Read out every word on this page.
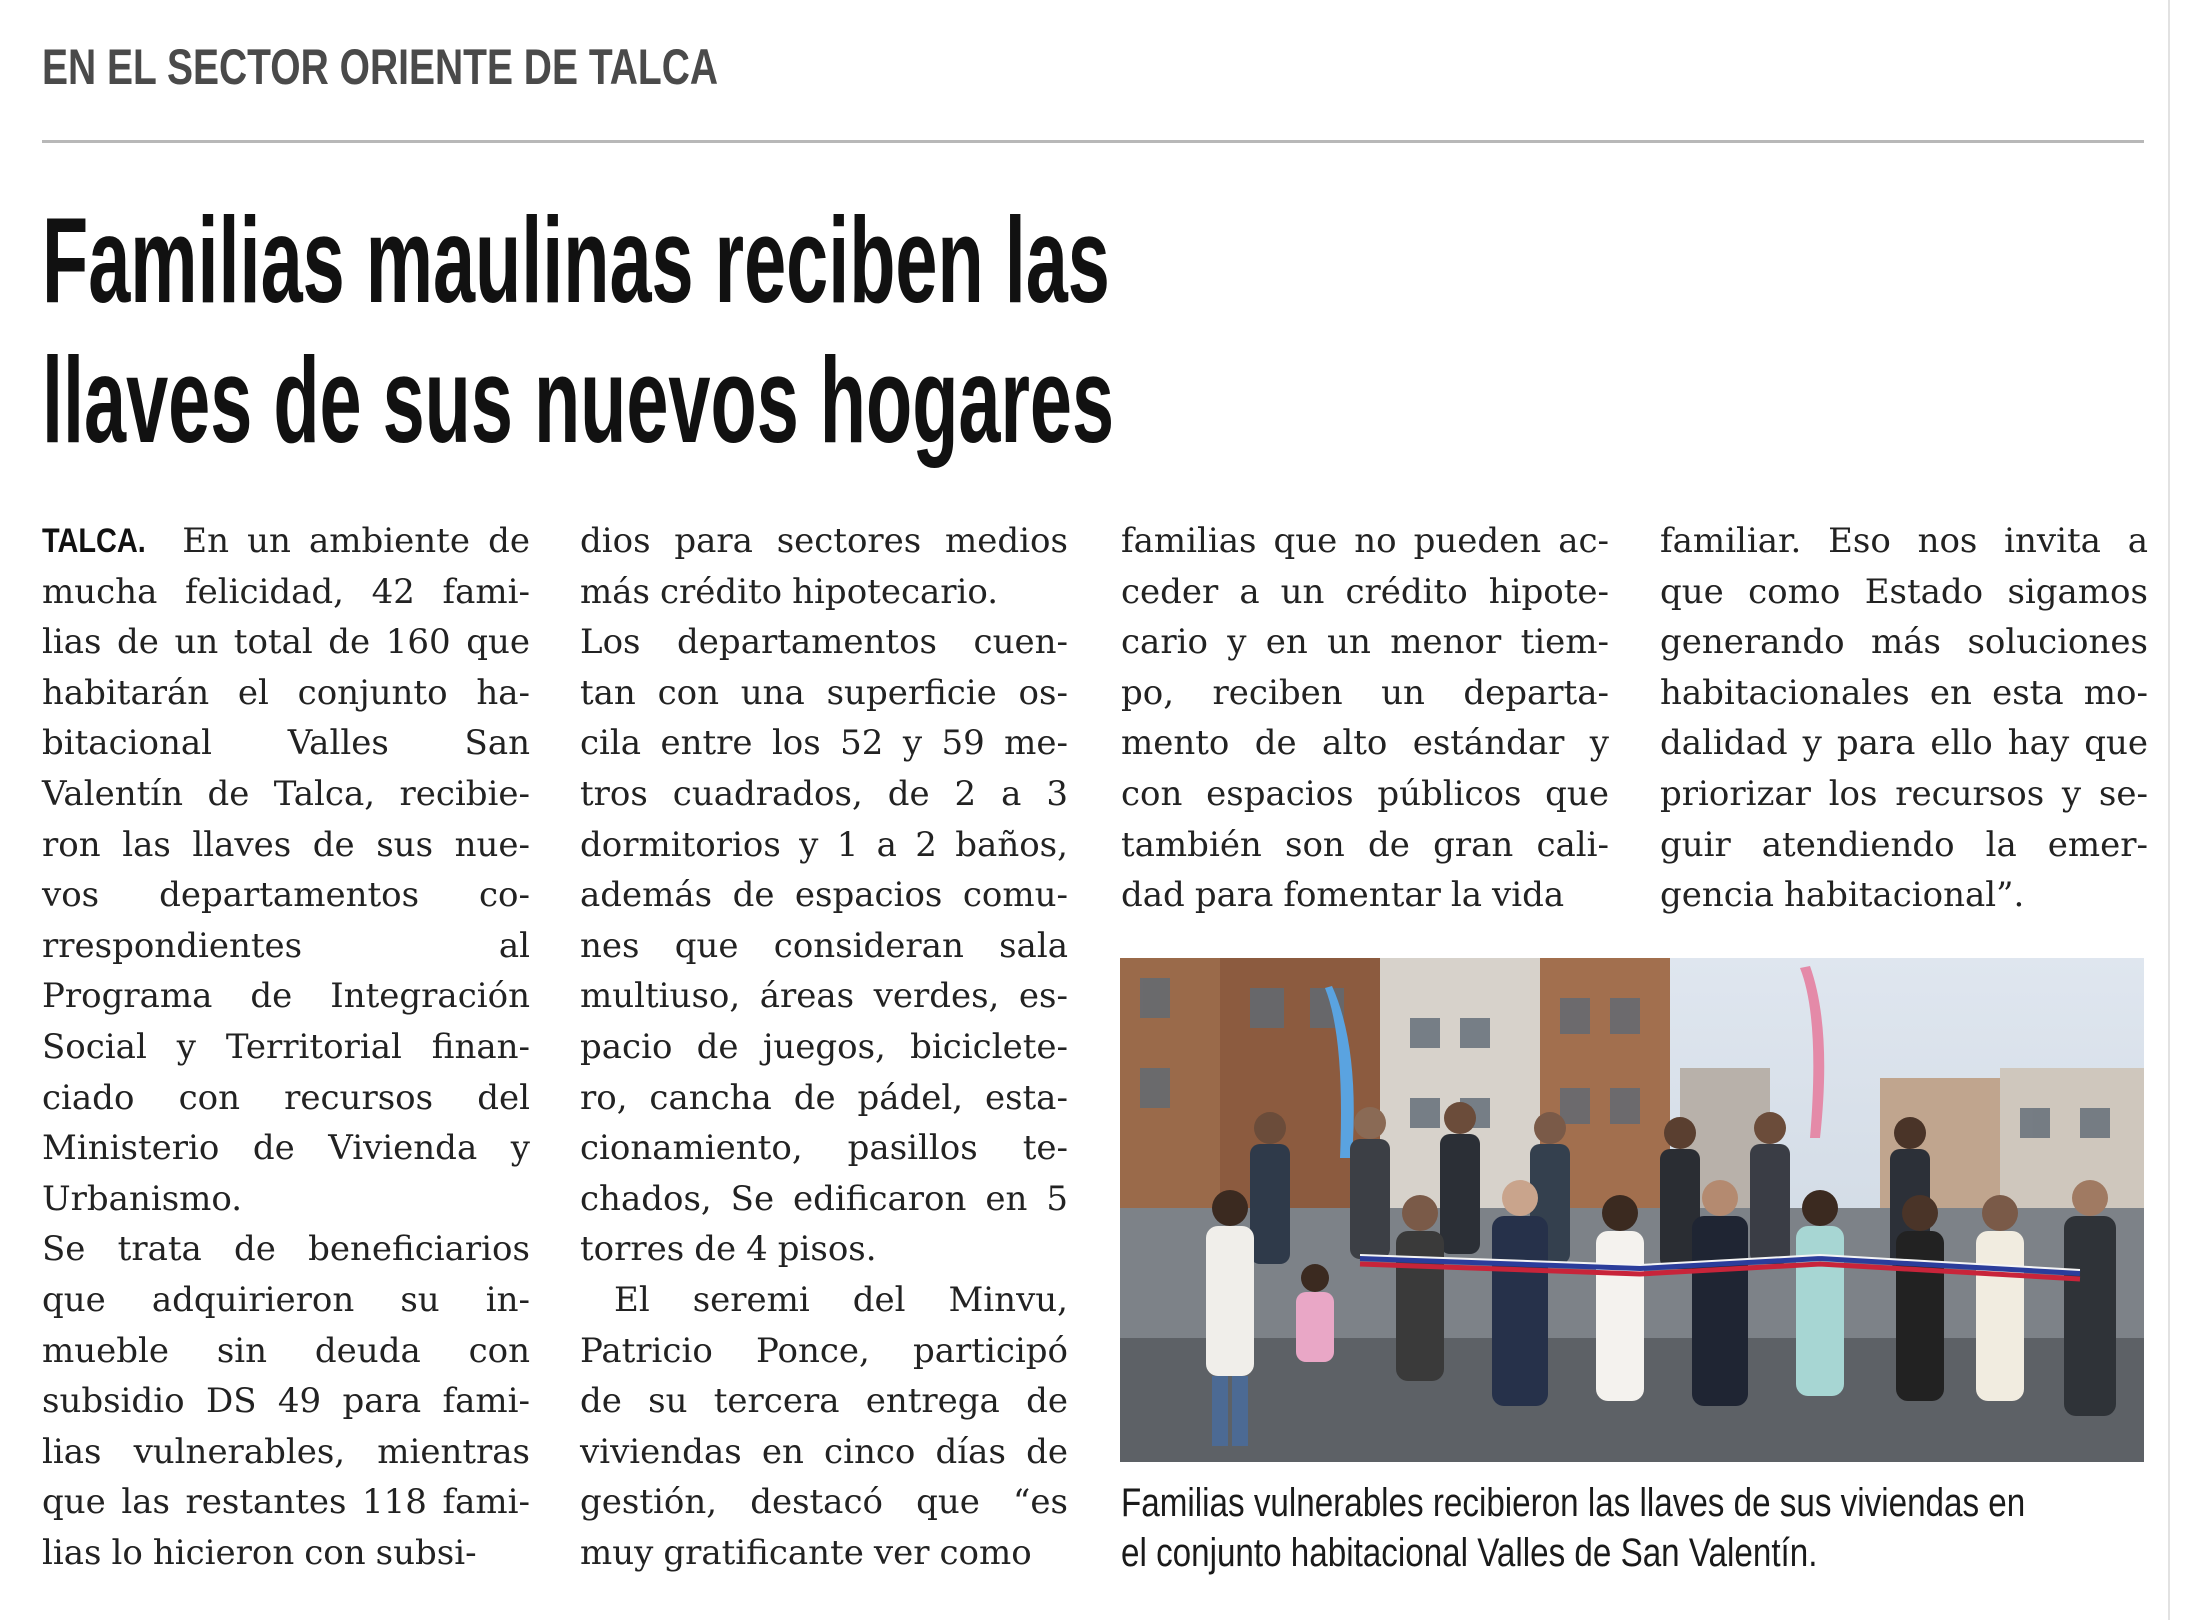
EN EL SECTOR ORIENTE DE TALCA
Familias maulinas reciben las
llaves de sus nuevos hogares
TALCA. En un ambiente de
mucha felicidad, 42 fami-
lias de un total de 160 que
habitarán el conjunto ha-
bitacional Valles San
Valentín de Talca, recibie-
ron las llaves de sus nue-
vos departamentos co-
rrespondientes	al
Programa de Integración
Social y Territorial finan-
ciado con recursos del
Ministerio de Vivienda y
Urbanismo.
Se trata de beneficiarios
que adquirieron su in-
mueble sin deuda con
subsidio DS 49 para fami-
lias vulnerables, mientras
que las restantes 118 fami-
lias lo hicieron con subsi-
dios para sectores medios
más crédito hipotecario.
Los departamentos cuen-
tan con una superficie os-
cila entre los 52 y 59 me-
tros cuadrados, de 2 a 3
dormitorios y 1 a 2 baños,
además de espacios comu-
nes que consideran sala
multiuso, áreas verdes, es-
pacio de juegos, biciclete-
ro, cancha de pádel, esta-
cionamiento, pasillos te-
chados, Se edificaron en 5
torres de 4 pisos.
El seremi del Minvu,
Patricio Ponce, participó
de su tercera entrega de
viviendas en cinco días de
gestión, destacó que “es
muy gratificante ver como
familias que no pueden ac-
ceder a un crédito hipote-
cario y en un menor tiem-
po, reciben un departa-
mento de alto estándar y
con espacios públicos que
también son de gran cali-
dad para fomentar la vida
familiar. Eso nos invita a
que como Estado sigamos
generando más soluciones
habitacionales en esta mo-
dalidad y para ello hay que
priorizar los recursos y se-
guir atendiendo la emer-
gencia habitacional”.
Familias vulnerables recibieron las llaves de sus viviendas en
el conjunto habitacional Valles de San Valentín.
